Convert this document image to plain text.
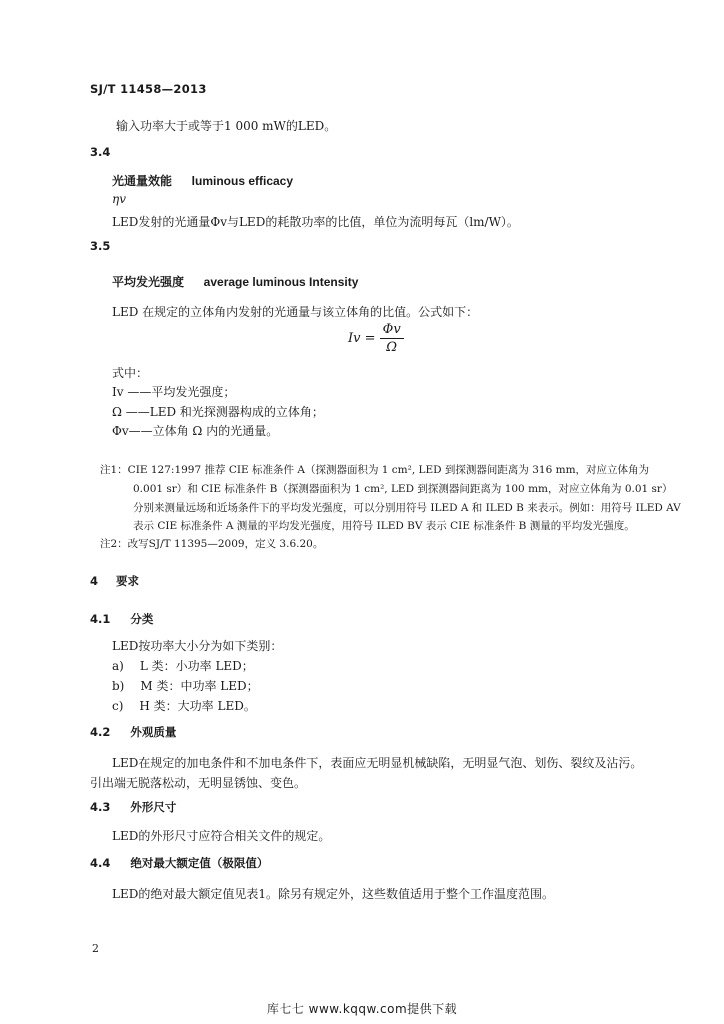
SJ/T 11458—2013
输入功率大于或等于1 000 mW的LED。
3.4
光通量效能 luminous efficacy
ηv
LED发射的光通量Φv与LED的耗散功率的比值，单位为流明每瓦（lm/W）。
3.5
平均发光强度 average luminous Intensity
LED 在规定的立体角内发射的光通量与该立体角的比值。公式如下：
$Iv = \frac{\Phi v}{\Omega}$
式中：
Iv ——平均发光强度；
Ω ——LED 和光探测器构成的立体角；
Φv——立体角 Ω 内的光通量。
注1：CIE 127:1997 推荐 CIE 标准条件 A（探测器面积为 1 cm², LED 到探测器间距离为 316 mm，对应立体角为
0.001 sr）和 CIE 标准条件 B（探测器面积为 1 cm², LED 到探测器间距离为 100 mm，对应立体角为 0.01 sr）
分别来测量远场和近场条件下的平均发光强度，可以分别用符号 ILED A 和 ILED B 来表示。例如：用符号 ILED AV
表示 CIE 标准条件 A 测量的平均发光强度，用符号 ILED BV 表示 CIE 标准条件 B 测量的平均发光强度。
注2：改写SJ/T 11395—2009，定义 3.6.20。
4 要求
4.1 分类
LED按功率大小分为如下类别：
a) L 类：小功率 LED；
b) M 类：中功率 LED；
c) H 类：大功率 LED。
4.2 外观质量
LED在规定的加电条件和不加电条件下，表面应无明显机械缺陷，无明显气泡、划伤、裂纹及沾污。
引出端无脱落松动，无明显锈蚀、变色。
4.3 外形尺寸
LED的外形尺寸应符合相关文件的规定。
4.4 绝对最大额定值（极限值）
LED的绝对最大额定值见表1。除另有规定外，这些数值适用于整个工作温度范围。
2
库七七 www.kqqw.com提供下载
